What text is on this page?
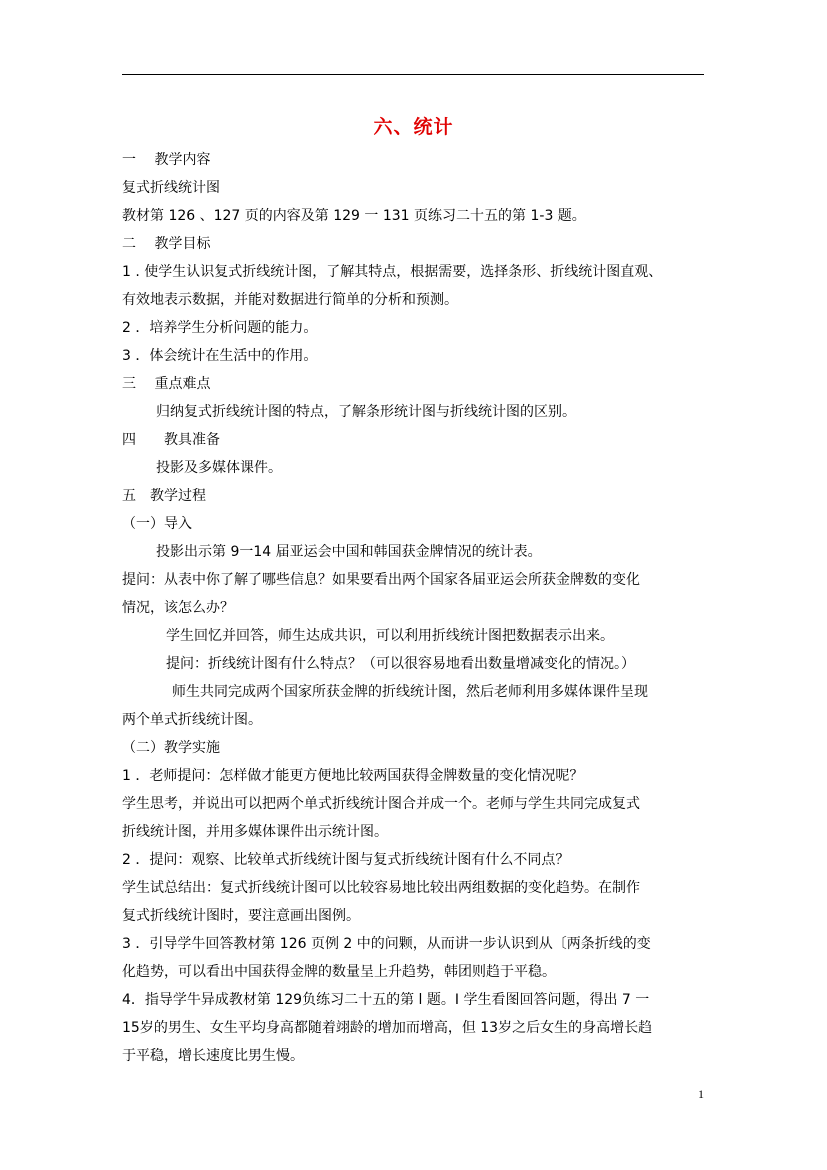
六、统计
一　 教学内容
复式折线统计图
教材第 126 、127 页的内容及第 129 一 131 页练习二十五的第 1-3 题。
二　 教学目标
1 . 使学生认识复式折线统计图，了解其特点，根据需要，选择条形、折线统计图直观、
有效地表示数据，并能对数据进行简单的分析和预测。
2 ．培养学生分析问题的能力。
3 ．体会统计在生活中的作用。
三　 重点难点
归纳复式折线统计图的特点，了解条形统计图与折线统计图的区别。
四　　教具准备
投影及多媒体课件。
五　教学过程
（一）导入
投影出示第 9一14 届亚运会中国和韩国获金牌情况的统计表。
提问：从表中你了解了哪些信息？如果要看出两个国家各届亚运会所获金牌数的变化
情况，该怎么办？
学生回忆并回答，师生达成共识，可以利用折线统计图把数据表示出来。
提问：折线统计图有什么特点？（可以很容易地看出数量增减变化的情况。）
师生共同完成两个国家所获金牌的折线统计图，然后老师利用多媒体课件呈现
两个单式折线统计图。
（二）教学实施
1 ．老师提问：怎样做才能更方便地比较两国获得金牌数量的变化情况呢？
学生思考，并说出可以把两个单式折线统计图合并成一个。老师与学生共同完成复式
折线统计图，并用多媒体课件出示统计图。
2 ．提问：观察、比较单式折线统计图与复式折线统计图有什么不同点？
学生试总结出：复式折线统计图可以比较容易地比较出两组数据的变化趋势。在制作
复式折线统计图时，要注意画出图例。
3 ．引导学牛回答教材第 126 页例 2 中的问颗，从而讲一步认识到从〔两条折线的变
化趋势，可以看出中国获得金牌的数量呈上升趋势，韩团则趋于平稳。
4．指导学牛异成教材第 129负练习二十五的第 l 题。I 学生看图回答问题，得出 7 一
15岁的男生、女生平均身高都随着翊龄的增加而增高，但 13岁之后女生的身高增长趋
于平稳，增长速度比男生慢。
1
